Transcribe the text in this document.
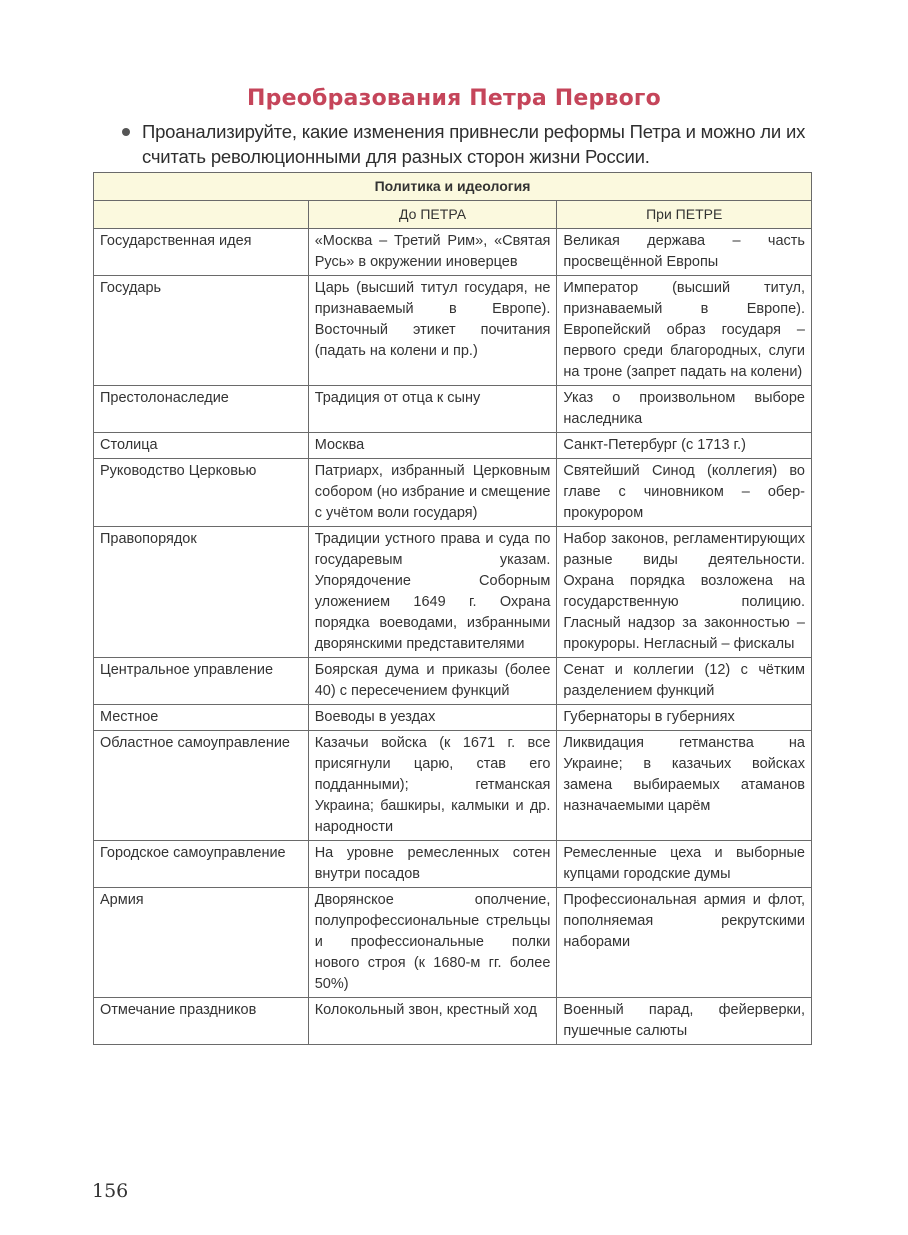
Преобразования Петра Первого
Проанализируйте, какие изменения привнесли реформы Петра и можно ли их считать революционными для разных сторон жизни России.
Политика и идеология		
	До ПЕТРА	При ПЕТРЕ
Государственная идея	«Москва – Третий Рим», «Святая Русь» в окружении иноверцев	Великая держава – часть просвещённой Европы
Государь	Царь (высший титул государя, не признаваемый в Европе). Восточный этикет почитания (падать на колени и пр.)	Император (высший титул, признаваемый в Европе). Европейский образ государя – первого среди благородных, слуги на троне (запрет падать на колени)
Престолонаследие	Традиция от отца к сыну	Указ о произвольном выборе наследника
Столица	Москва	Санкт-Петербург (с 1713 г.)
Руководство Церковью	Патриарх, избранный Церковным собором (но избрание и смещение с учётом воли государя)	Святейший Синод (коллегия) во главе с чиновником – обер-прокурором
Правопорядок	Традиции устного права и суда по государевым указам. Упорядочение Соборным уложением 1649 г. Охрана порядка воеводами, избранными дворянскими представителями	Набор законов, регламентирующих разные виды деятельности. Охрана порядка возложена на государственную полицию. Гласный надзор за законностью – прокуроры. Негласный – фискалы
Центральное управление	Боярская дума и приказы (более 40) с пересечением функций	Сенат и коллегии (12) с чётким разделением функций
Местное	Воеводы в уездах	Губернаторы в губерниях
Областное самоуправление	Казачьи войска (к 1671 г. все присягнули царю, став его подданными); гетманская Украина; башкиры, калмыки и др. народности	Ликвидация гетманства на Украине; в казачьих войсках замена выбираемых атаманов назначаемыми царём
Городское самоуправление	На уровне ремесленных сотен внутри посадов	Ремесленные цеха и выборные купцами городские думы
Армия	Дворянское ополчение, полупрофессиональные стрельцы и профессиональные полки нового строя (к 1680-м гг. более 50%)	Профессиональная армия и флот, пополняемая рекрутскими наборами
Отмечание праздников	Колокольный звон, крестный ход	Военный парад, фейерверки, пушечные салюты
156
